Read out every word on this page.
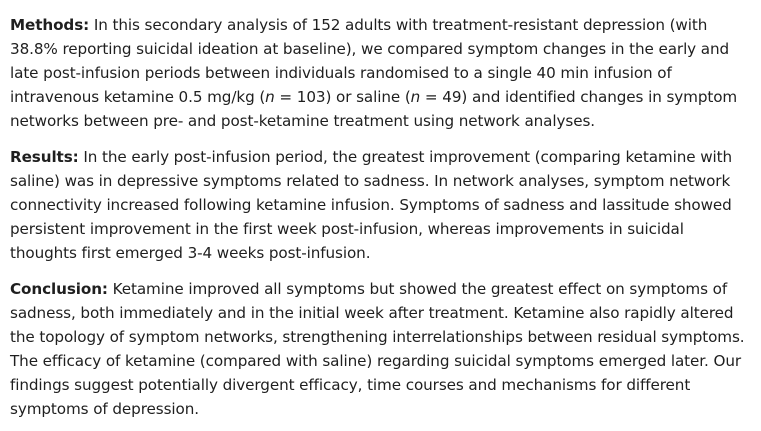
Methods: In this secondary analysis of 152 adults with treatment-resistant depression (with 38.8% reporting suicidal ideation at baseline), we compared symptom changes in the early and late post-infusion periods between individuals randomised to a single 40 min infusion of intravenous ketamine 0.5 mg/kg (n = 103) or saline (n = 49) and identified changes in symptom networks between pre- and post-ketamine treatment using network analyses.

Results: In the early post-infusion period, the greatest improvement (comparing ketamine with saline) was in depressive symptoms related to sadness. In network analyses, symptom network connectivity increased following ketamine infusion. Symptoms of sadness and lassitude showed persistent improvement in the first week post-infusion, whereas improvements in suicidal thoughts first emerged 3-4 weeks post-infusion.

Conclusion: Ketamine improved all symptoms but showed the greatest effect on symptoms of sadness, both immediately and in the initial week after treatment. Ketamine also rapidly altered the topology of symptom networks, strengthening interrelationships between residual symptoms. The efficacy of ketamine (compared with saline) regarding suicidal symptoms emerged later. Our findings suggest potentially divergent efficacy, time courses and mechanisms for different symptoms of depression.
